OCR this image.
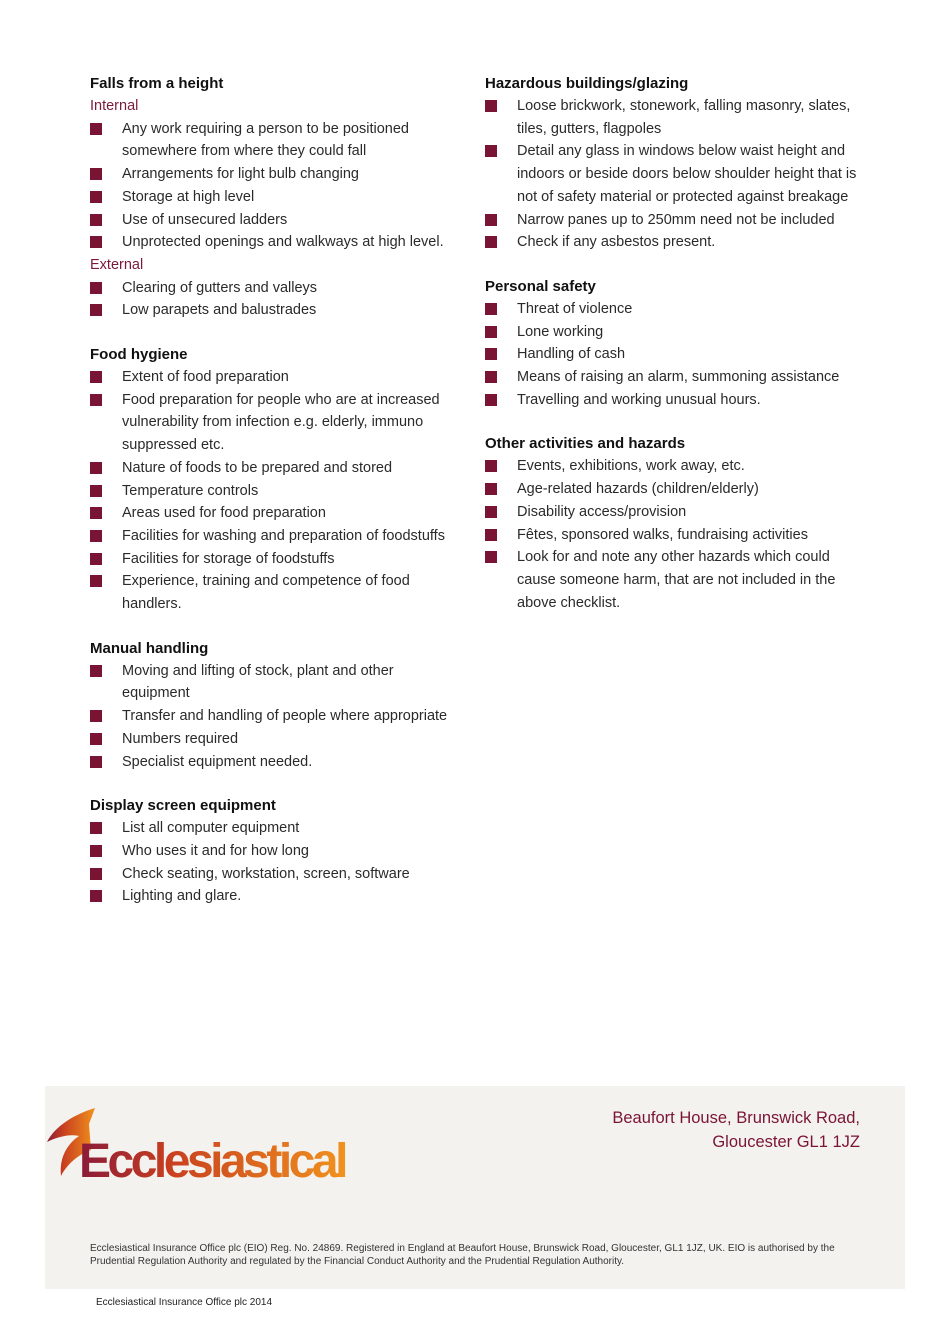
Falls from a height

Internal

Any work requiring a person to be positioned somewhere from where they could fall
Arrangements for light bulb changing
Storage at high level
Use of unsecured ladders
Unprotected openings and walkways at high level.

External

Clearing of gutters and valleys
Low parapets and balustrades
Food hygiene
Extent of food preparation
Food preparation for people who are at increased vulnerability from infection e.g. elderly, immuno suppressed etc.
Nature of foods to be prepared and stored
Temperature controls
Areas used for food preparation
Facilities for washing and preparation of foodstuffs
Facilities for storage of foodstuffs
Experience, training and competence of food handlers.
Manual handling
Moving and lifting of stock, plant and other equipment
Transfer and handling of people where appropriate
Numbers required
Specialist equipment needed.
Display screen equipment
List all computer equipment
Who uses it and for how long
Check seating, workstation, screen, software
Lighting and glare.
Hazardous buildings/glazing
Loose brickwork, stonework, falling masonry, slates, tiles, gutters, flagpoles
Detail any glass in windows below waist height and indoors or beside doors below shoulder height that is not of safety material or protected against breakage
Narrow panes up to 250mm need not be included
Check if any asbestos present.
Personal safety
Threat of violence
Lone working
Handling of cash
Means of raising an alarm, summoning assistance
Travelling and working unusual hours.
Other activities and hazards
Events, exhibitions, work away, etc.
Age-related hazards (children/elderly)
Disability access/provision
Fêtes, sponsored walks, fundraising activities
Look for and note any other hazards which could cause someone harm, that are not included in the above checklist.
Ecclesiastical
Beaufort House, Brunswick Road,
Gloucester GL1 1JZ
Ecclesiastical Insurance Office plc (EIO) Reg. No. 24869. Registered in England at Beaufort House, Brunswick Road, Gloucester, GL1 1JZ, UK. EIO is authorised by the Prudential Regulation Authority and regulated by the Financial Conduct Authority and the Prudential Regulation Authority.
Ecclesiastical Insurance Office plc 2014
